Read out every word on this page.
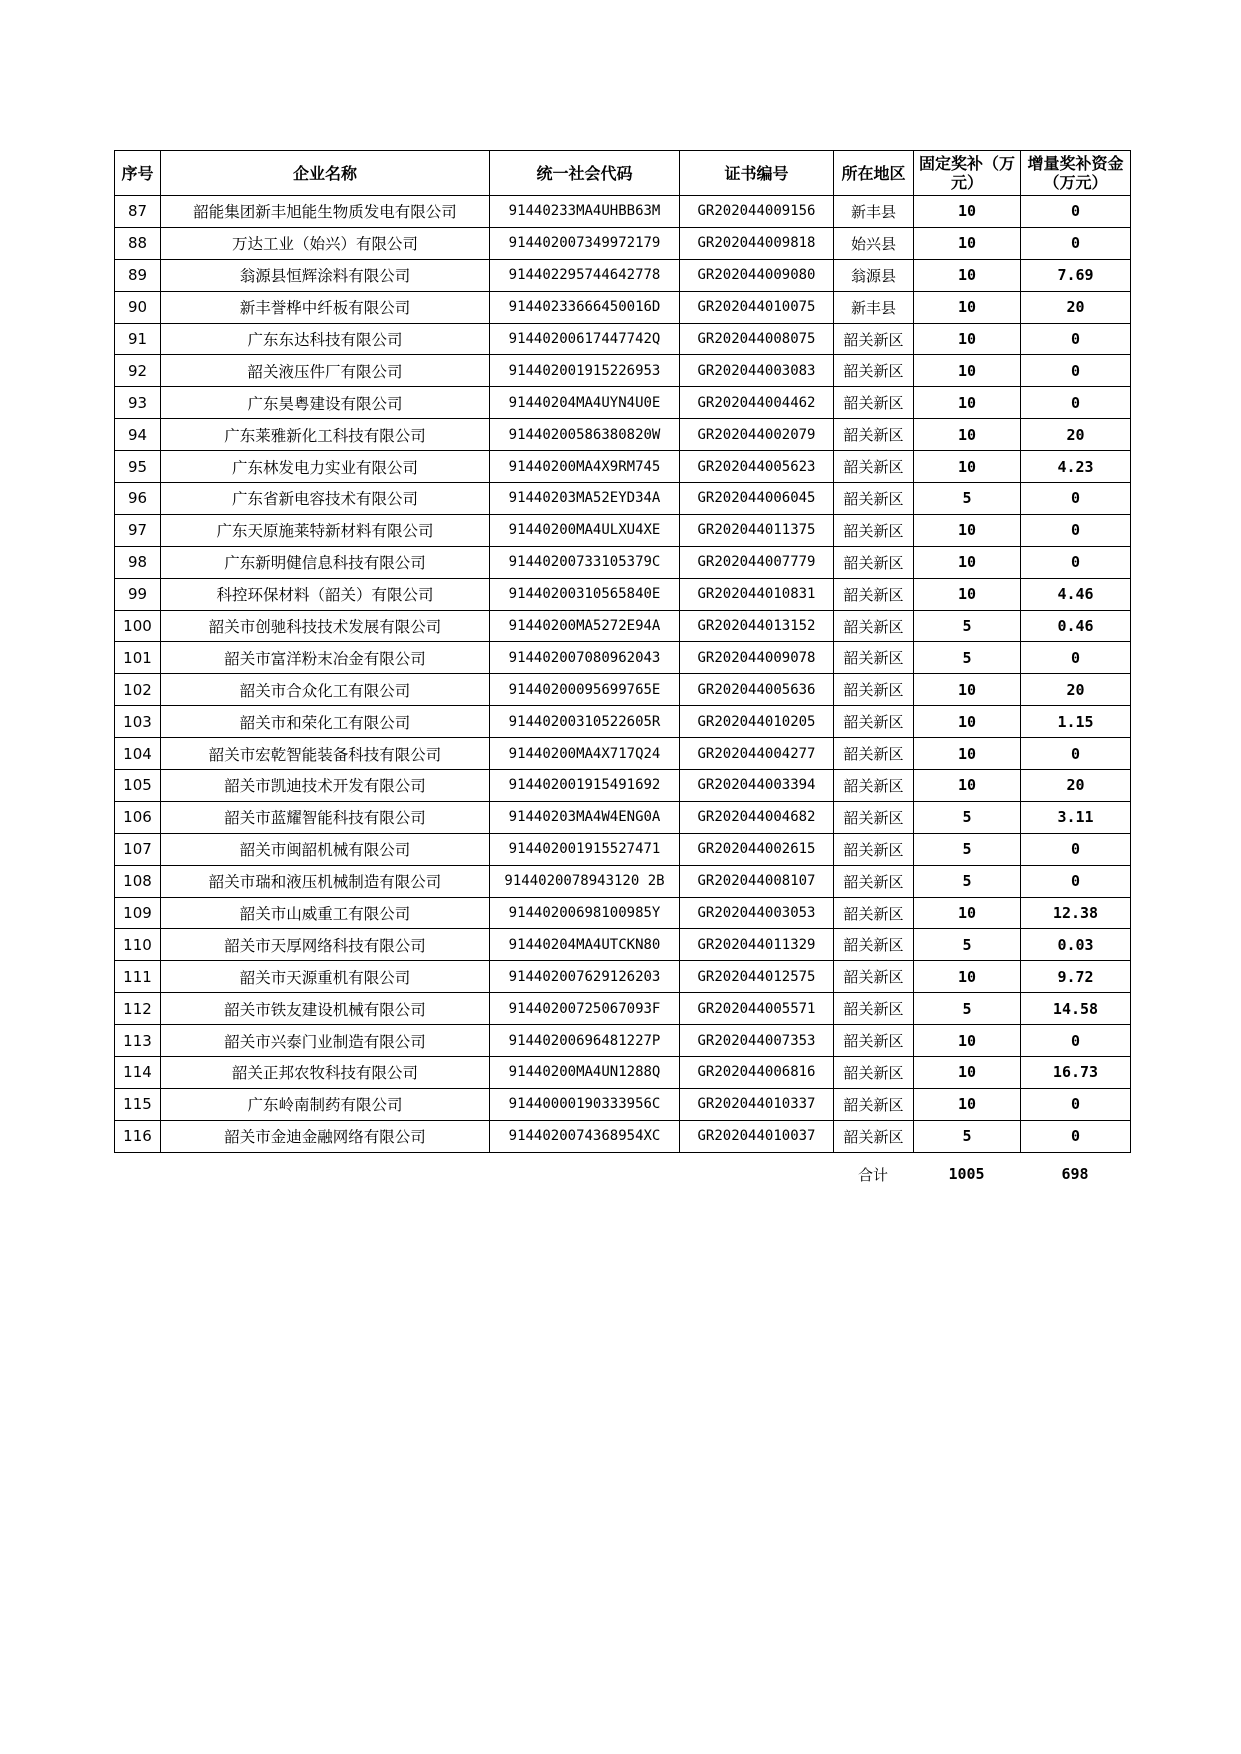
序号	企业名称	统一社会代码	证书编号	所在地区	固定奖补（万元）	增量奖补资金（万元）
87	韶能集团新丰旭能生物质发电有限公司	91440233MA4UHBB63M	GR202044009156	新丰县	10	0
88	万达工业（始兴）有限公司	914402007349972179	GR202044009818	始兴县	10	0
89	翁源县恒辉涂料有限公司	914402295744642778	GR202044009080	翁源县	10	7.69
90	新丰誉桦中纤板有限公司	91440233666450016D	GR202044010075	新丰县	10	20
91	广东东达科技有限公司	91440200617447742Q	GR202044008075	韶关新区	10	0
92	韶关液压件厂有限公司	914402001915226953	GR202044003083	韶关新区	10	0
93	广东昊粤建设有限公司	91440204MA4UYN4U0E	GR202044004462	韶关新区	10	0
94	广东莱雅新化工科技有限公司	91440200586380820W	GR202044002079	韶关新区	10	20
95	广东林发电力实业有限公司	91440200MA4X9RM745	GR202044005623	韶关新区	10	4.23
96	广东省新电容技术有限公司	91440203MA52EYD34A	GR202044006045	韶关新区	5	0
97	广东天原施莱特新材料有限公司	91440200MA4ULXU4XE	GR202044011375	韶关新区	10	0
98	广东新明健信息科技有限公司	91440200733105379C	GR202044007779	韶关新区	10	0
99	科控环保材料（韶关）有限公司	91440200310565840E	GR202044010831	韶关新区	10	4.46
100	韶关市创驰科技技术发展有限公司	91440200MA5272E94A	GR202044013152	韶关新区	5	0.46
101	韶关市富洋粉末冶金有限公司	914402007080962043	GR202044009078	韶关新区	5	0
102	韶关市合众化工有限公司	91440200095699765E	GR202044005636	韶关新区	10	20
103	韶关市和荣化工有限公司	91440200310522605R	GR202044010205	韶关新区	10	1.15
104	韶关市宏乾智能装备科技有限公司	91440200MA4X717Q24	GR202044004277	韶关新区	10	0
105	韶关市凯迪技术开发有限公司	914402001915491692	GR202044003394	韶关新区	10	20
106	韶关市蓝耀智能科技有限公司	91440203MA4W4ENG0A	GR202044004682	韶关新区	5	3.11
107	韶关市闽韶机械有限公司	914402001915527471	GR202044002615	韶关新区	5	0
108	韶关市瑞和液压机械制造有限公司	9144020078943120 2B	GR202044008107	韶关新区	5	0
109	韶关市山威重工有限公司	91440200698100985Y	GR202044003053	韶关新区	10	12.38
110	韶关市天厚网络科技有限公司	91440204MA4UTCKN80	GR202044011329	韶关新区	5	0.03
111	韶关市天源重机有限公司	914402007629126203	GR202044012575	韶关新区	10	9.72
112	韶关市铁友建设机械有限公司	91440200725067093F	GR202044005571	韶关新区	5	14.58
113	韶关市兴泰门业制造有限公司	91440200696481227P	GR202044007353	韶关新区	10	0
114	韶关正邦农牧科技有限公司	91440200MA4UN1288Q	GR202044006816	韶关新区	10	16.73
115	广东岭南制药有限公司	91440000190333956C	GR202044010337	韶关新区	10	0
116	韶关市金迪金融网络有限公司	9144020074368954XC	GR202044010037	韶关新区	5	0
				合计	1005	698
